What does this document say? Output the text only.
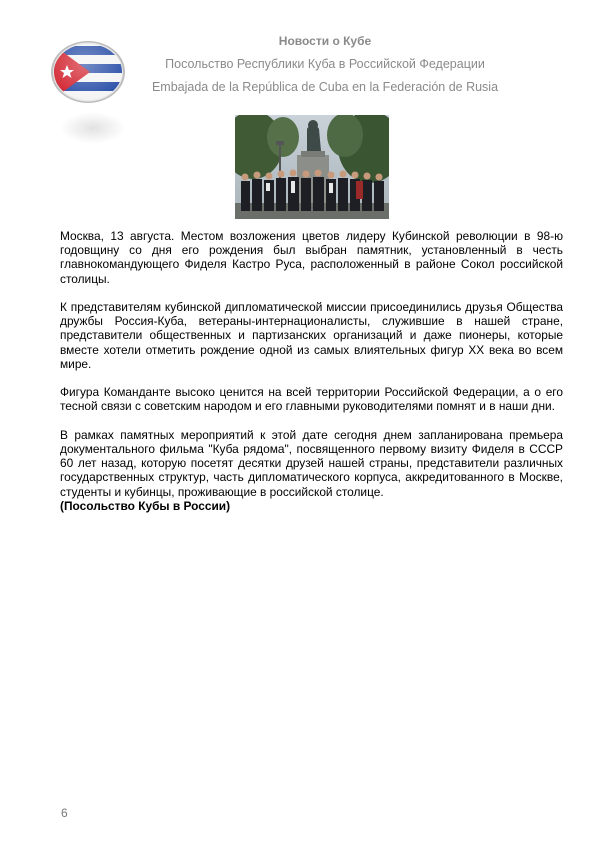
Новости о Кубе
Посольство Республики Куба в Российской Федерации
Embajada de la República de Cuba en la Federación de Rusia

Москва, 13 августа. Местом возложения цветов лидеру Кубинской революции в 98-ю годовщину со дня его рождения был выбран памятник, установленный в честь главнокомандующего Фиделя Кастро Руса, расположенный в районе Сокол российской столицы.

К представителям кубинской дипломатической миссии присоединились друзья Общества дружбы Россия-Куба, ветераны-интернационалисты, служившие в нашей стране, представители общественных и партизанских организаций и даже пионеры, которые вместе хотели отметить рождение одной из самых влиятельных фигур XX века во всем мире.

Фигура Команданте высоко ценится на всей территории Российской Федерации, а о его тесной связи с советским народом и его главными руководителями помнят и в наши дни.

В рамках памятных мероприятий к этой дате сегодня днем запланирована премьера документального фильма "Куба рядома", посвященного первому визиту Фиделя в СССР 60 лет назад, которую посетят десятки друзей нашей страны, представители различных государственных структур, часть дипломатического корпуса, аккредитованного в Москве, студенты и кубинцы, проживающие в российской столице.

(Посольство Кубы в России)
6
